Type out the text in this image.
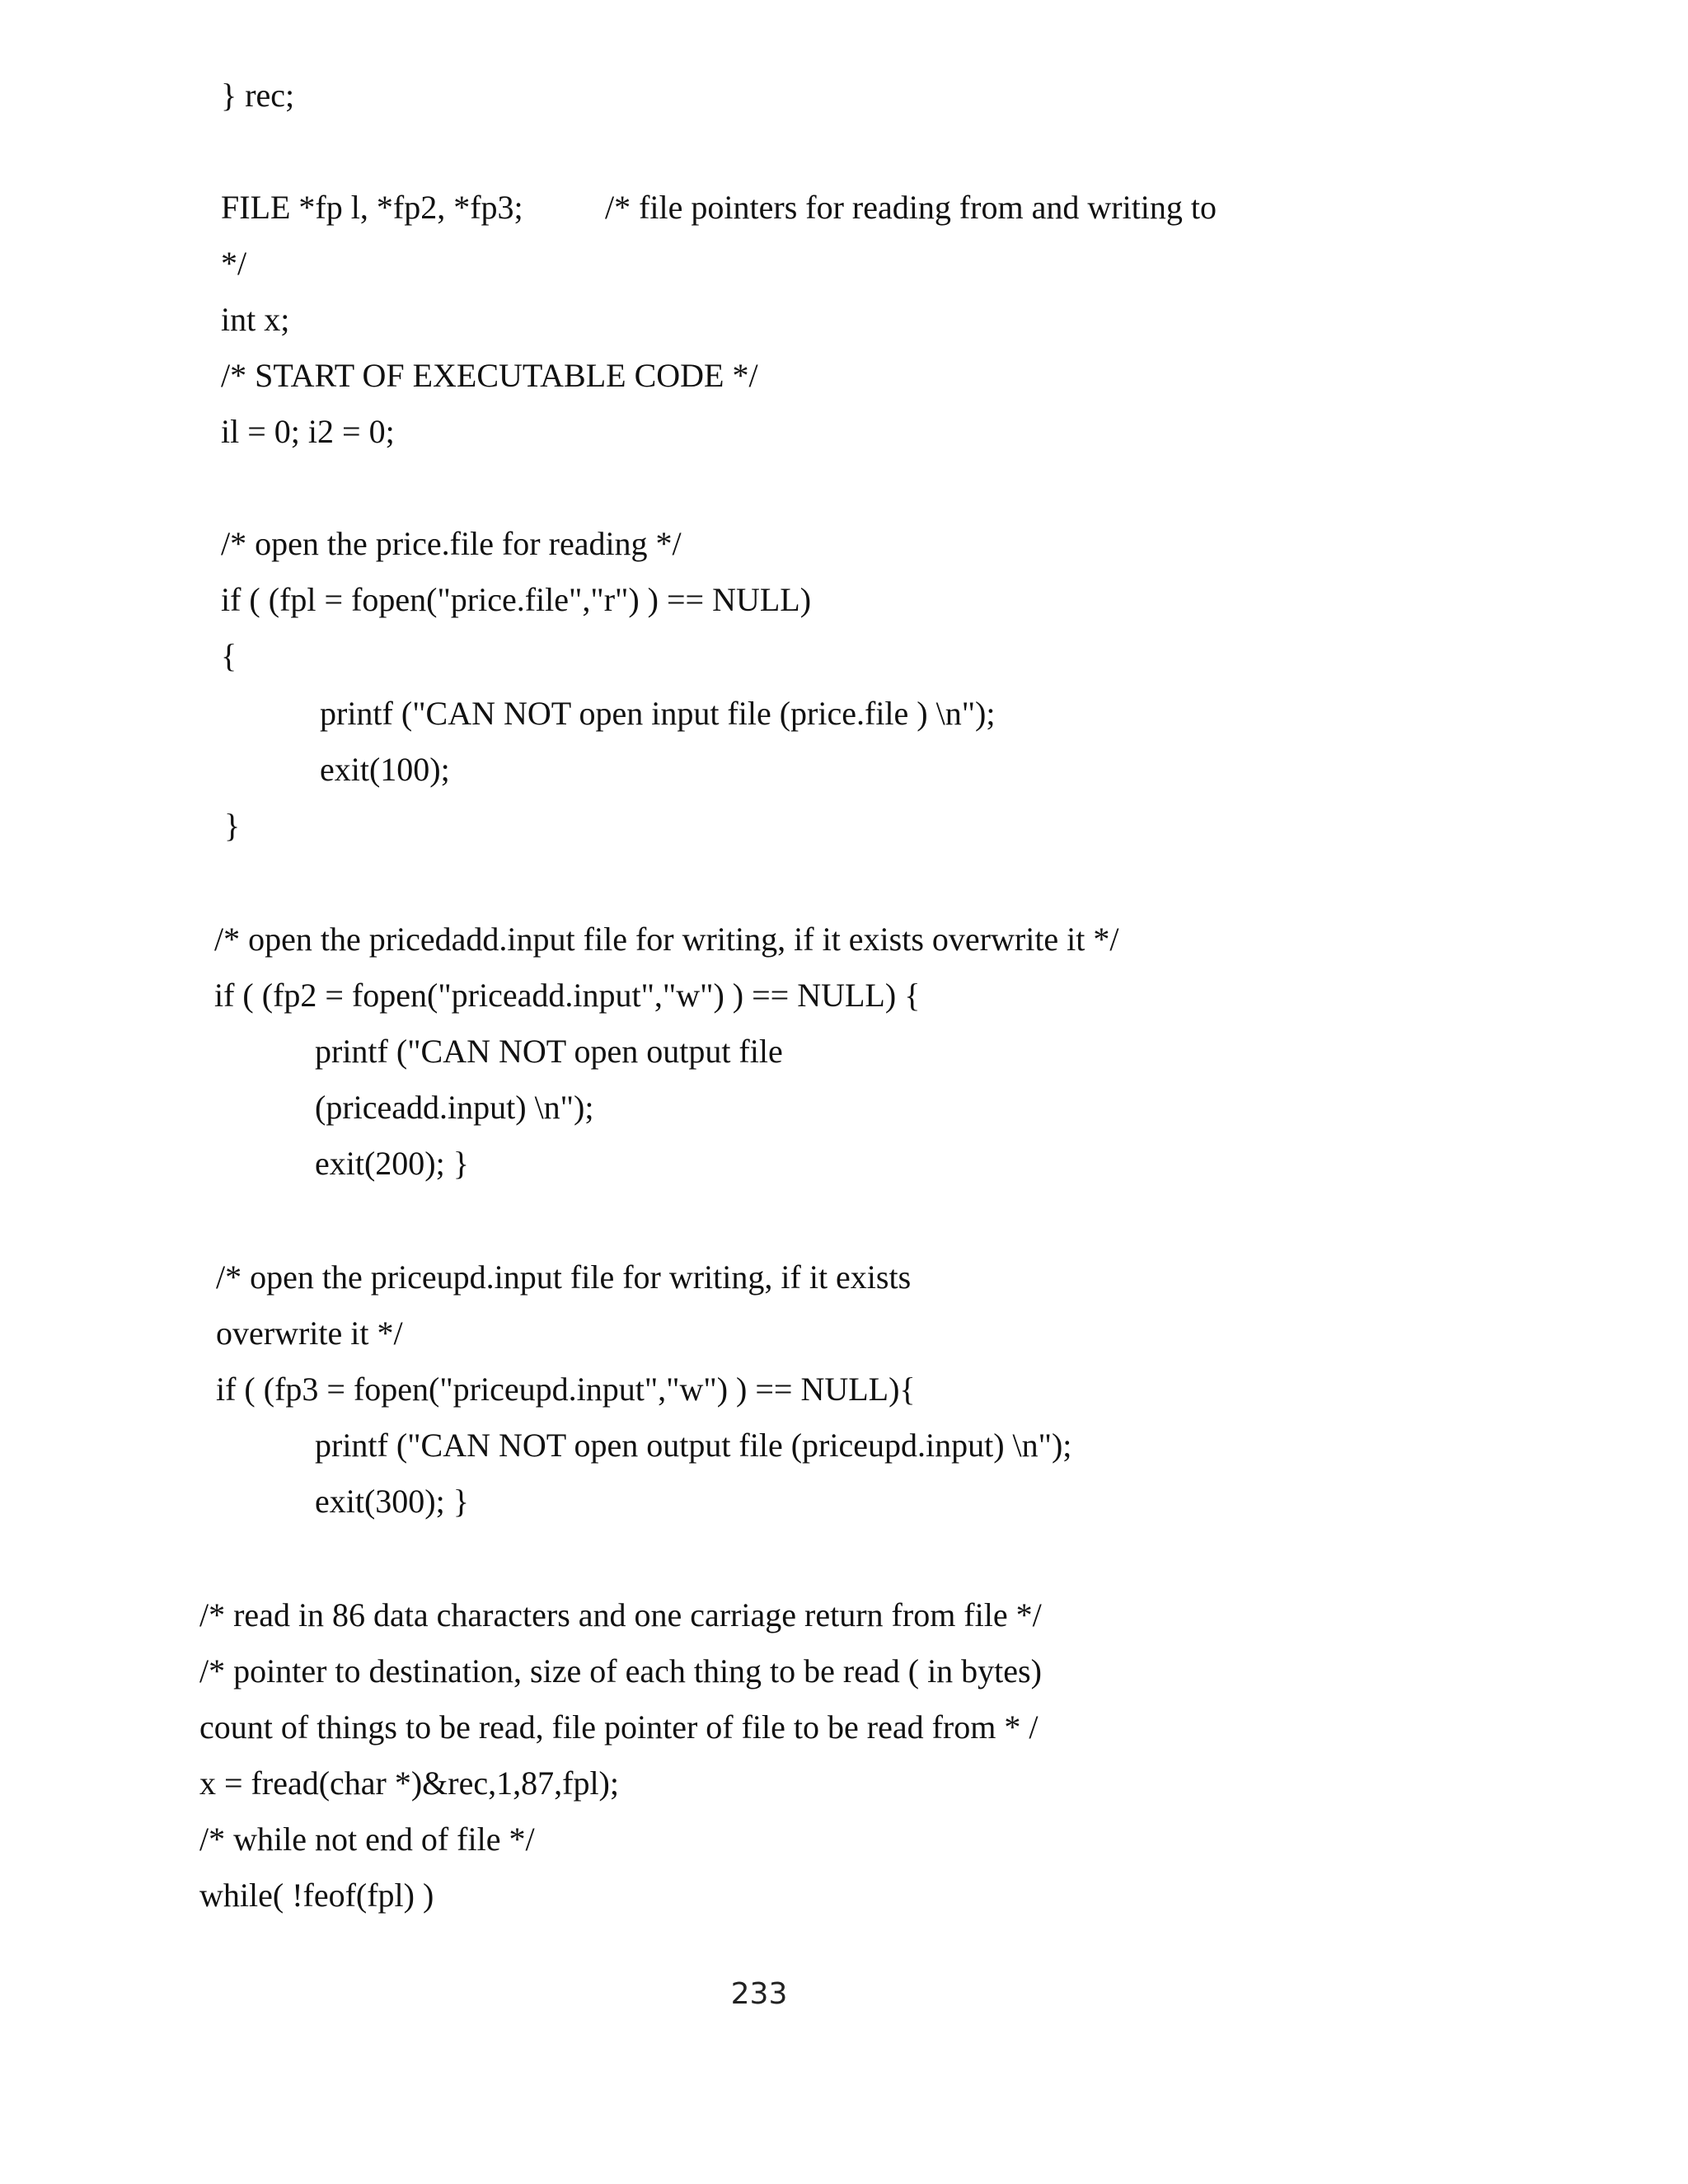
} rec;

FILE *fp l, *fp2, *fp3; /* file pointers for reading from and writing to

*/

int x;

/* START OF EXECUTABLE CODE */

il = 0; i2 = 0;

/* open the price.file for reading */

if ( (fpl = fopen("price.file","r") ) == NULL)

{

printf ("CAN NOT open input file (price.file ) \n");

exit(100);

}

/* open the pricedadd.input file for writing, if it exists overwrite it */

if ( (fp2 = fopen("priceadd.input","w") ) == NULL) {

printf ("CAN NOT open output file

(priceadd.input) \n");

exit(200); }

/* open the priceupd.input file for writing, if it exists

overwrite it */

if ( (fp3 = fopen("priceupd.input","w") ) == NULL){

printf ("CAN NOT open output file (priceupd.input) \n");

exit(300); }

/* read in 86 data characters and one carriage return from file */

/* pointer to destination, size of each thing to be read ( in bytes)

count of things to be read, file pointer of file to be read from * /

x = fread(char *)&rec,1,87,fpl);

/* while not end of file */

while( !feof(fpl) )

233
